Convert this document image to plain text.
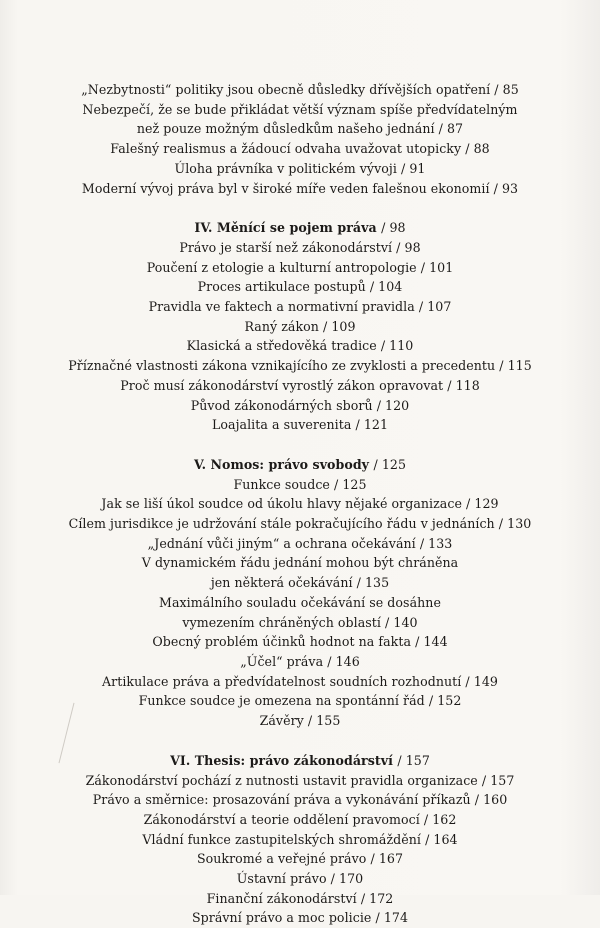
„Nezbytnosti“ politiky jsou obecně důsledky dřívějších opatření / 85
Nebezpečí, že se bude přikládat větší význam spíše předvídatelným
než pouze možným důsledkům našeho jednání / 87
Falešný realismus a žádoucí odvaha uvažovat utopicky / 88
Úloha právníka v politickém vývoji / 91
Moderní vývoj práva byl v široké míře veden falešnou ekonomií / 93
IV. Měnící se pojem práva / 98
Právo je starší než zákonodárství / 98
Poučení z etologie a kulturní antropologie / 101
Proces artikulace postupů / 104
Pravidla ve faktech a normativní pravidla / 107
Raný zákon / 109
Klasická a středověká tradice / 110
Příznačné vlastnosti zákona vznikajícího ze zvyklosti a precedentu / 115
Proč musí zákonodárství vyrostlý zákon opravovat / 118
Původ zákonodárných sborů / 120
Loajalita a suverenita / 121
V. Nomos: právo svobody / 125
Funkce soudce / 125
Jak se liší úkol soudce od úkolu hlavy nějaké organizace / 129
Cílem jurisdikce je udržování stále pokračujícího řádu v jednáních / 130
„Jednání vůči jiným“ a ochrana očekávání / 133
V dynamickém řádu jednání mohou být chráněna
jen některá očekávání / 135
Maximálního souladu očekávání se dosáhne
vymezením chráněných oblastí / 140
Obecný problém účinků hodnot na fakta / 144
„Účel“ práva / 146
Artikulace práva a předvídatelnost soudních rozhodnutí / 149
Funkce soudce je omezena na spontánní řád / 152
Závěry / 155
VI. Thesis: právo zákonodárství / 157
Zákonodárství pochází z nutnosti ustavit pravidla organizace / 157
Právo a směrnice: prosazování práva a vykonávání příkazů / 160
Zákonodárství a teorie oddělení pravomocí / 162
Vládní funkce zastupitelských shromáždění / 164
Soukromé a veřejné právo / 167
Ústavní právo / 170
Finanční zákonodárství / 172
Správní právo a moc policie / 174
